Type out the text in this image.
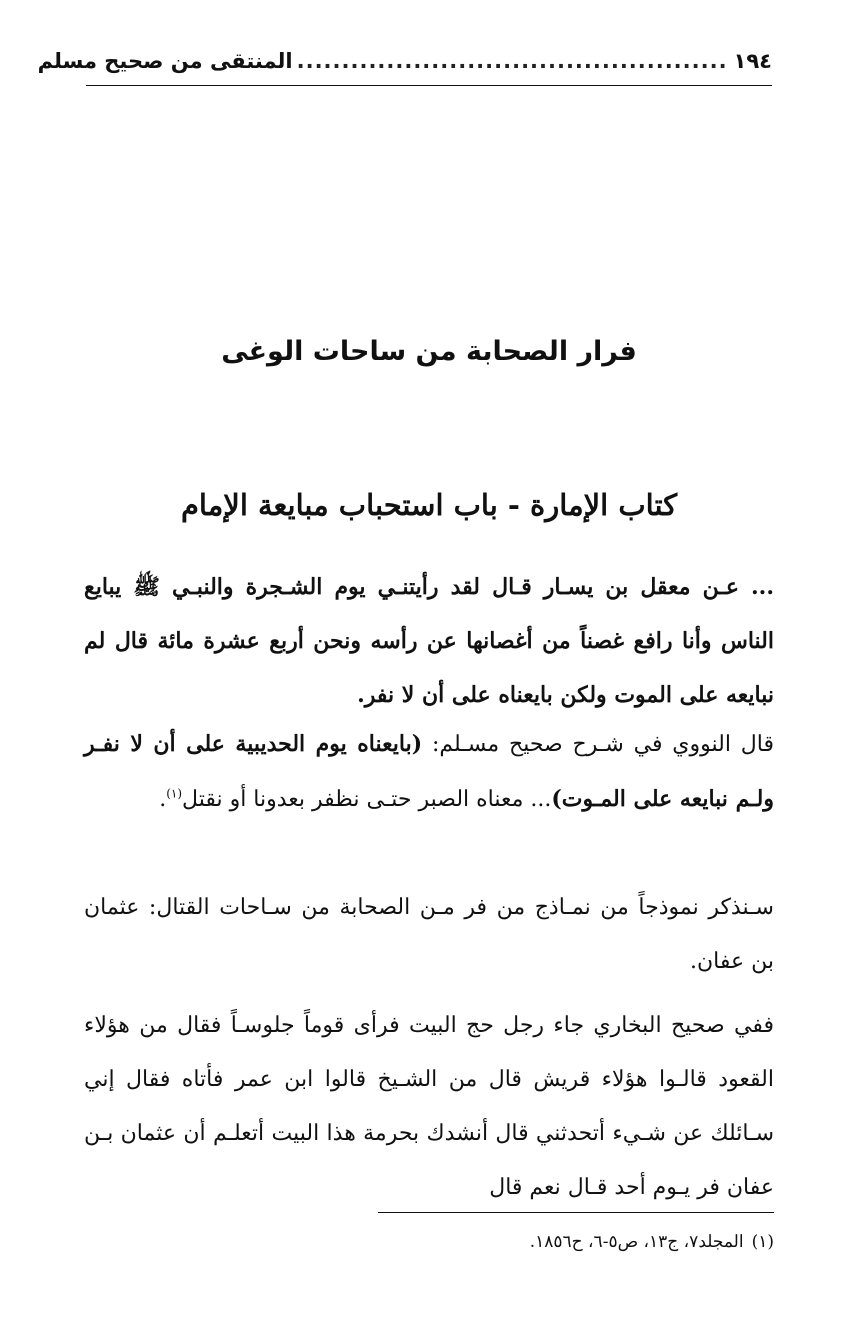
١٩٤
................................................
المنتقى من صحيح مسلم
فرار الصحابة من ساحات الوغى
كتاب الإمارة - باب استحباب مبايعة الإمام

... عـن معقل بن يسـار قـال لقد رأيتنـي يوم الشـجرة والنبـي ﷺ يبايع الناس وأنا رافع غصناً من أغصانها عن رأسه ونحن أربع عشرة مائة قال لم نبايعه على الموت ولكن بايعناه على أن لا نفر.

قال النووي في شـرح صحيح مسـلم: (بايعناه يوم الحديبية على أن لا نفـر ولـم نبايعه على المـوت)... معناه الصبر حتـى نظفر بعدونا أو نقتل$^{(١)}$.

سـنذكر نموذجاً من نمـاذج من فر مـن الصحابة من سـاحات القتال: عثمان بن عفان.

ففي صحيح البخاري جاء رجل حج البيت فرأى قوماً جلوسـاً فقال من هؤلاء القعود قالـوا هؤلاء قريش قال من الشـيخ قالوا ابن عمر فأتاه فقال إني سـائلك عن شـيء أتحدثني قال أنشدك بحرمة هذا البيت أتعلـم أن عثمان بـن عفان فر يـوم أحد قـال نعم قال

(١)المجلد٧، ج١٣، ص٥-٦، ح١٨٥٦.
